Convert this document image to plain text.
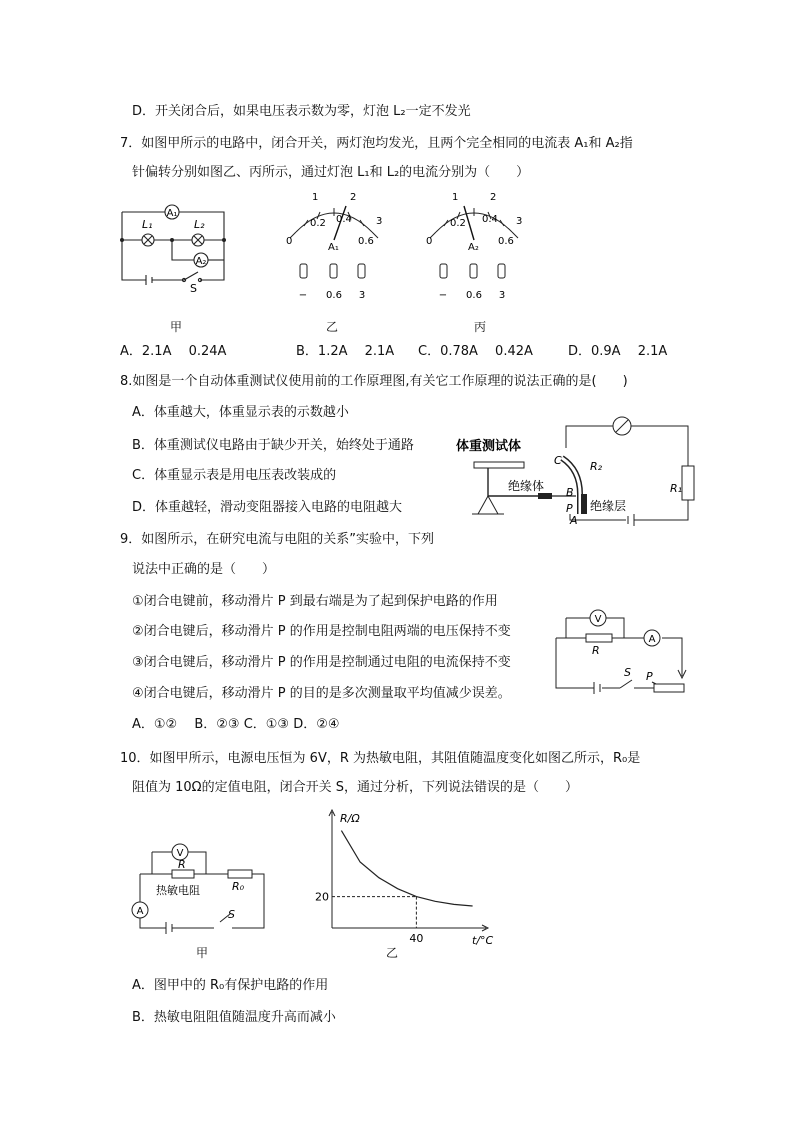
D．开关闭合后，如果电压表示数为零，灯泡 L₂一定不发光
7．如图甲所示的电路中，闭合开关，两灯泡均发光，且两个完全相同的电流表 A₁和 A₂指
针偏转分别如图乙、丙所示，通过灯泡 L₁和 L₂的电流分别为（　　）
A₁
A₂
L₁	L₂
S
甲
0
1	2
3
0.2 0.4
0.6
A₁
− 0.6 3
乙
0
1	2
3
0.2 0.4
0.6
A₂
− 0.6 3
丙
A．2.1A　 0.24A	B．1.2A　 2.1A C．0.78A　 0.42A	D．0.9A　 2.1A
8.如图是一个自动体重测试仪使用前的工作原理图,有关它工作原理的说法正确的是(　　)
A．体重越大，体重显示表的示数越小
B．体重测试仪电路由于缺少开关，始终处于通路
C．体重显示表是用电压表改装成的
D．体重越轻，滑动变阻器接入电路的电阻越大
体重测试体
绝缘体
绝缘层
C
B
P
A
R₂
R₁
9．如图所示，在研究电流与电阻的关系”实验中，下列
说法中正确的是（　　）
①闭合电键前，移动滑片 P 到最右端是为了起到保护电路的作用
②闭合电键后，移动滑片 P 的作用是控制电阻两端的电压保持不变
③闭合电键后，移动滑片 P 的作用是控制通过电阻的电流保持不变
④闭合电键后，移动滑片 P 的目的是多次测量取平均值减少误差。
A．①②　 B．②③ C．①③ D．②④
V
A
R
S P
10．如图甲所示，电源电压恒为 6V，R 为热敏电阻，其阻值随温度变化如图乙所示，R₀是
阻值为 10Ω的定值电阻，闭合开关 S，通过分析，下列说法错误的是（　　）
V
A
R
R₀
热敏电阻
S
甲
R/Ω
t/°C
20
40
乙
A．图甲中的 R₀有保护电路的作用
B．热敏电阻阻值随温度升高而减小
